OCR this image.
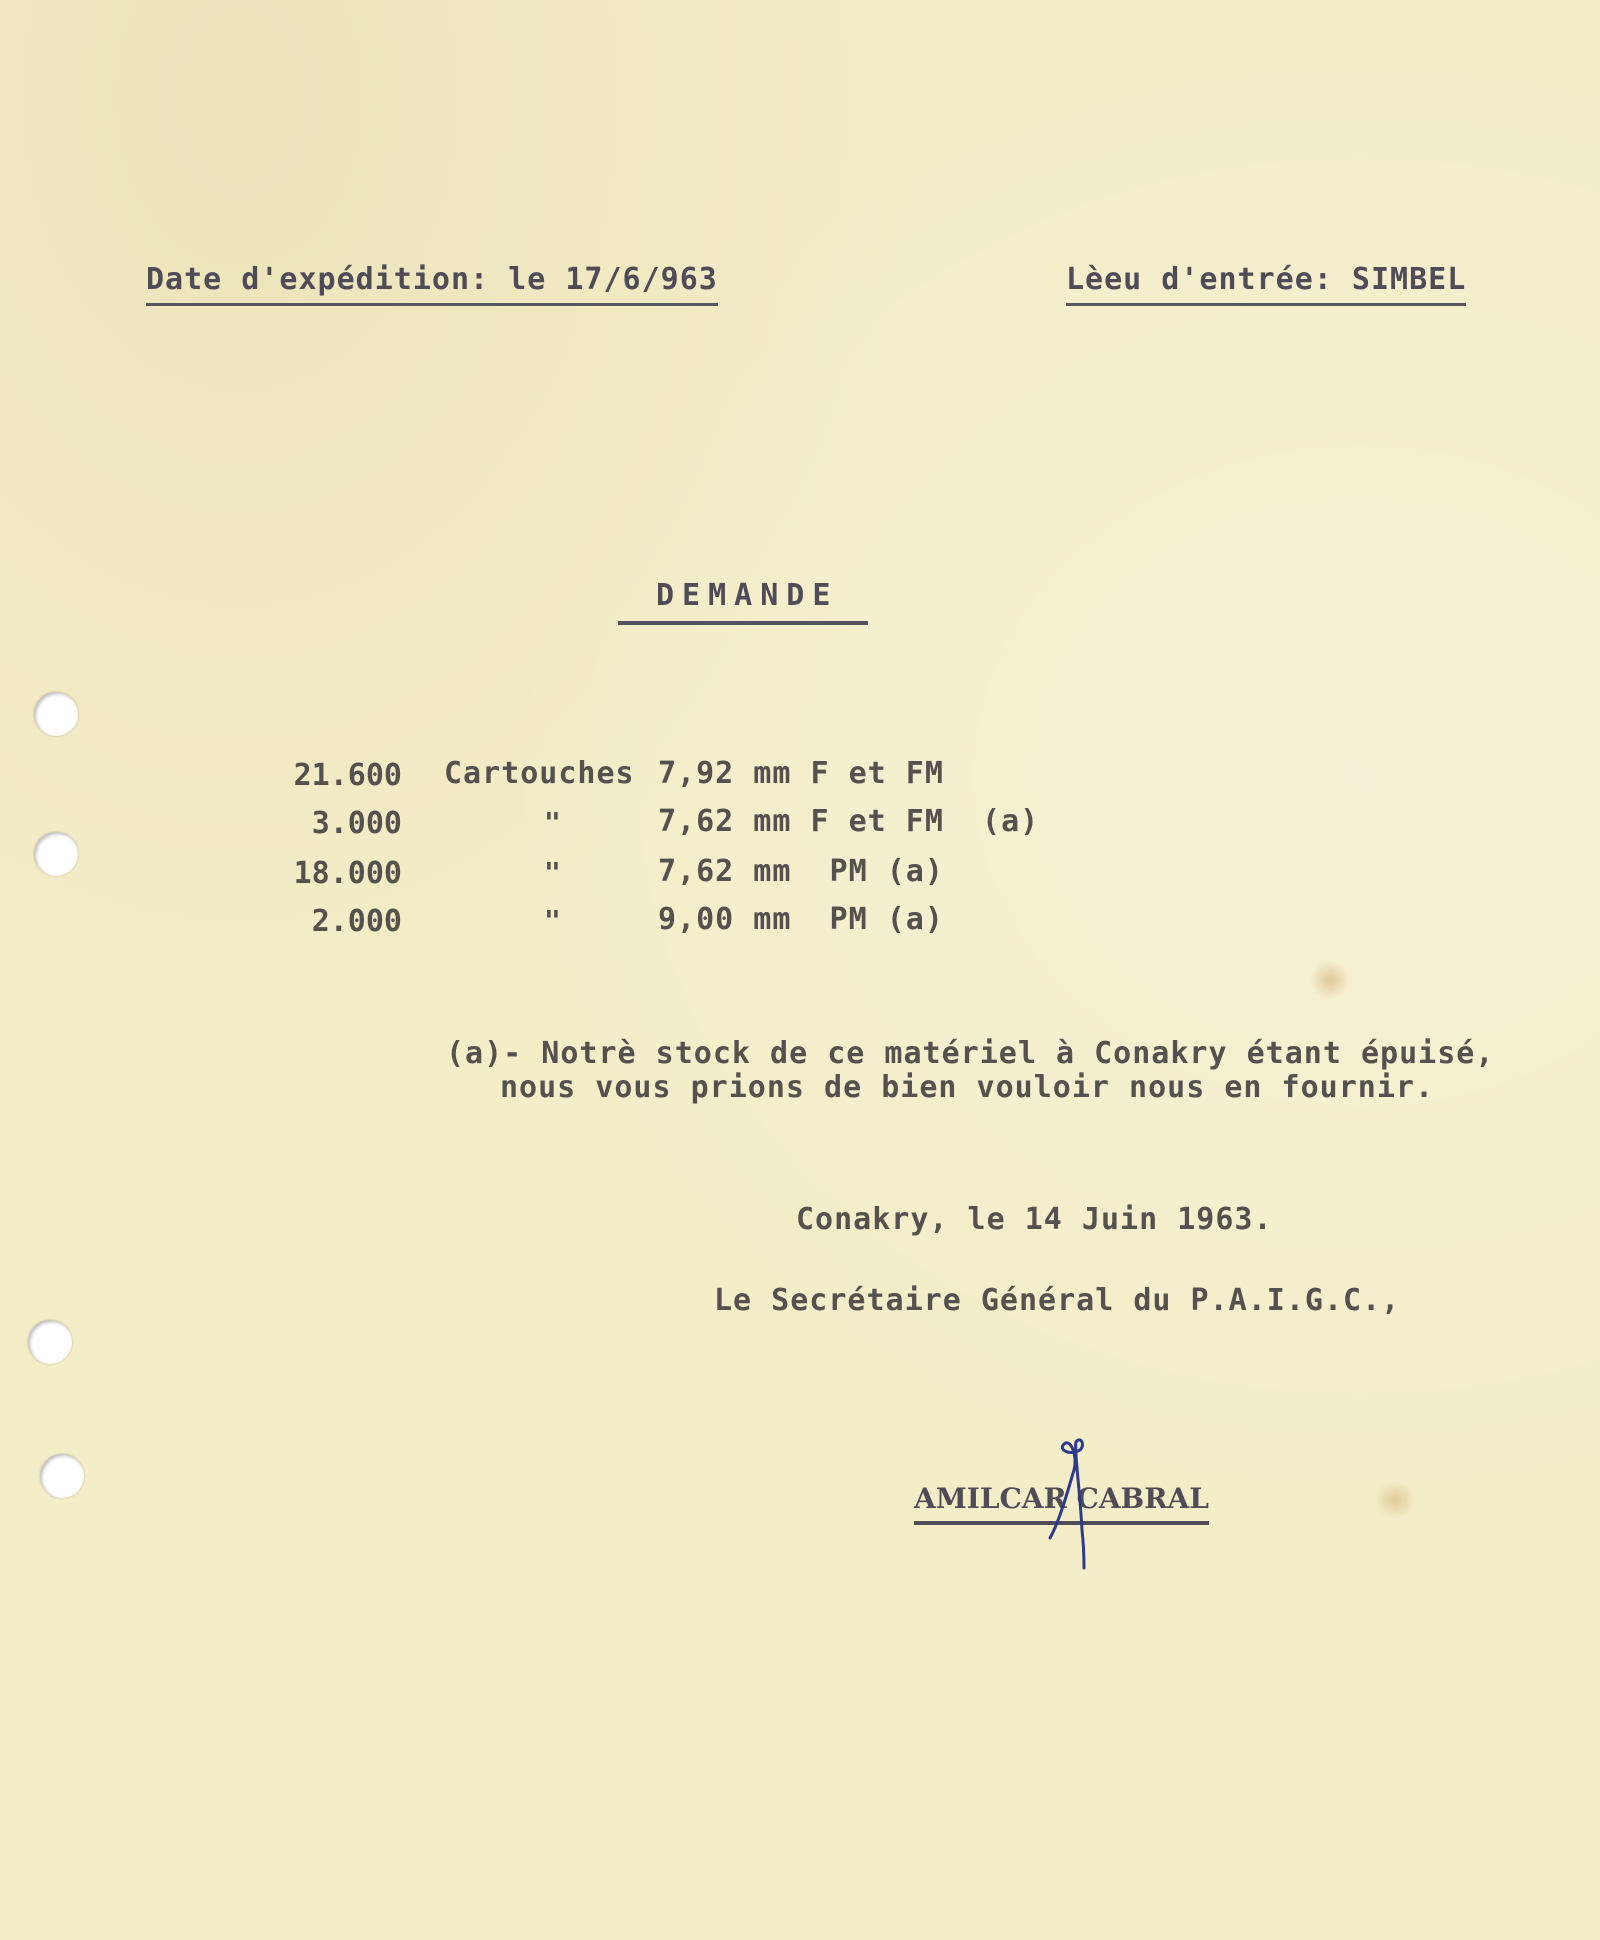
Date d'expédition: le 17/6/963	Lèeu d'entrée: SIMBEL
DEMANDE
21.600 Cartouches 7,92 mm F et FM
3.000	"	7,62 mm F et FM  (a)
18.000	"	7,62 mm  PM (a)
2.000	"	9,00 mm  PM (a)
(a)- Notrè stock de ce matériel à Conakry étant épuisé,
nous vous prions de bien vouloir nous en fournir.
Conakry, le 14 Juin 1963.
Le Secrétaire Général du P.A.I.G.C.,
AMILCAR CABRAL
